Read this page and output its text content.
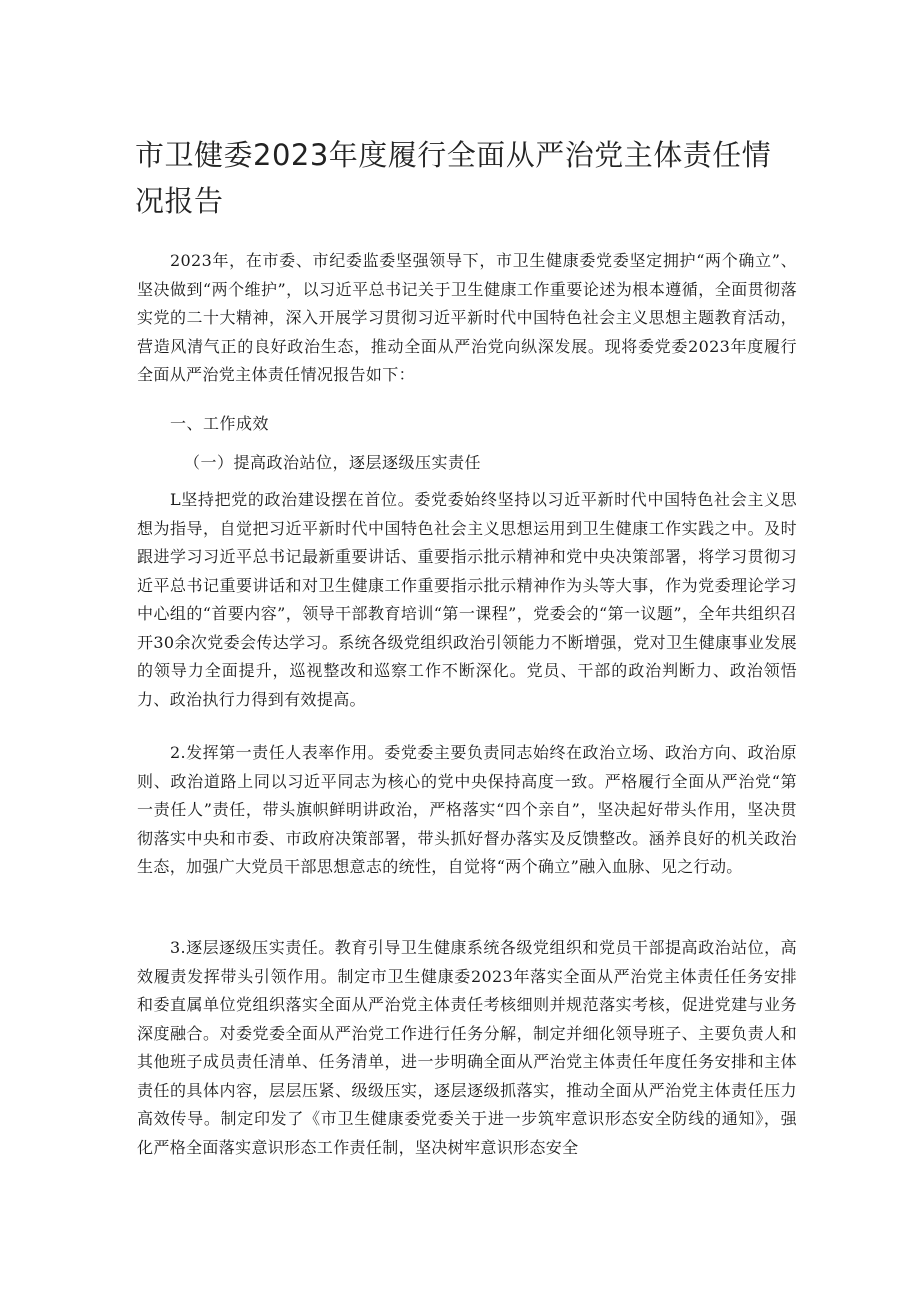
市卫健委2023年度履行全面从严治党主体责任情况报告
2023年，在市委、市纪委监委坚强领导下，市卫生健康委党委坚定拥护“两个确立”、坚决做到“两个维护”，以习近平总书记关于卫生健康工作重要论述为根本遵循，全面贯彻落实党的二十大精神，深入开展学习贯彻习近平新时代中国特色社会主义思想主题教育活动，营造风清气正的良好政治生态，推动全面从严治党向纵深发展。现将委党委2023年度履行全面从严治党主体责任情况报告如下：
一、工作成效
（一）提高政治站位，逐层逐级压实责任
L坚持把党的政治建设摆在首位。委党委始终坚持以习近平新时代中国特色社会主义思想为指导，自觉把习近平新时代中国特色社会主义思想运用到卫生健康工作实践之中。及时跟进学习习近平总书记最新重要讲话、重要指示批示精神和党中央决策部署，将学习贯彻习近平总书记重要讲话和对卫生健康工作重要指示批示精神作为头等大事，作为党委理论学习中心组的“首要内容”，领导干部教育培训“第一课程”，党委会的“第一议题”，全年共组织召开30余次党委会传达学习。系统各级党组织政治引领能力不断增强，党对卫生健康事业发展的领导力全面提升，巡视整改和巡察工作不断深化。党员、干部的政治判断力、政治领悟力、政治执行力得到有效提高。
2.发挥第一责任人表率作用。委党委主要负责同志始终在政治立场、政治方向、政治原则、政治道路上同以习近平同志为核心的党中央保持高度一致。严格履行全面从严治党“第一责任人”责任，带头旗帜鲜明讲政治，严格落实“四个亲自”，坚决起好带头作用，坚决贯彻落实中央和市委、市政府决策部署，带头抓好督办落实及反馈整改。涵养良好的机关政治生态，加强广大党员干部思想意志的统性，自觉将“两个确立”融入血脉、见之行动。
3.逐层逐级压实责任。教育引导卫生健康系统各级党组织和党员干部提高政治站位，高效履责发挥带头引领作用。制定市卫生健康委2023年落实全面从严治党主体责任任务安排和委直属单位党组织落实全面从严治党主体责任考核细则并规范落实考核，促进党建与业务深度融合。对委党委全面从严治党工作进行任务分解，制定并细化领导班子、主要负责人和其他班子成员责任清单、任务清单，进一步明确全面从严治党主体责任年度任务安排和主体责任的具体内容，层层压紧、级级压实，逐层逐级抓落实，推动全面从严治党主体责任压力高效传导。制定印发了《市卫生健康委党委关于进一步筑牢意识形态安全防线的通知》，强化严格全面落实意识形态工作责任制，坚决树牢意识形态安全
